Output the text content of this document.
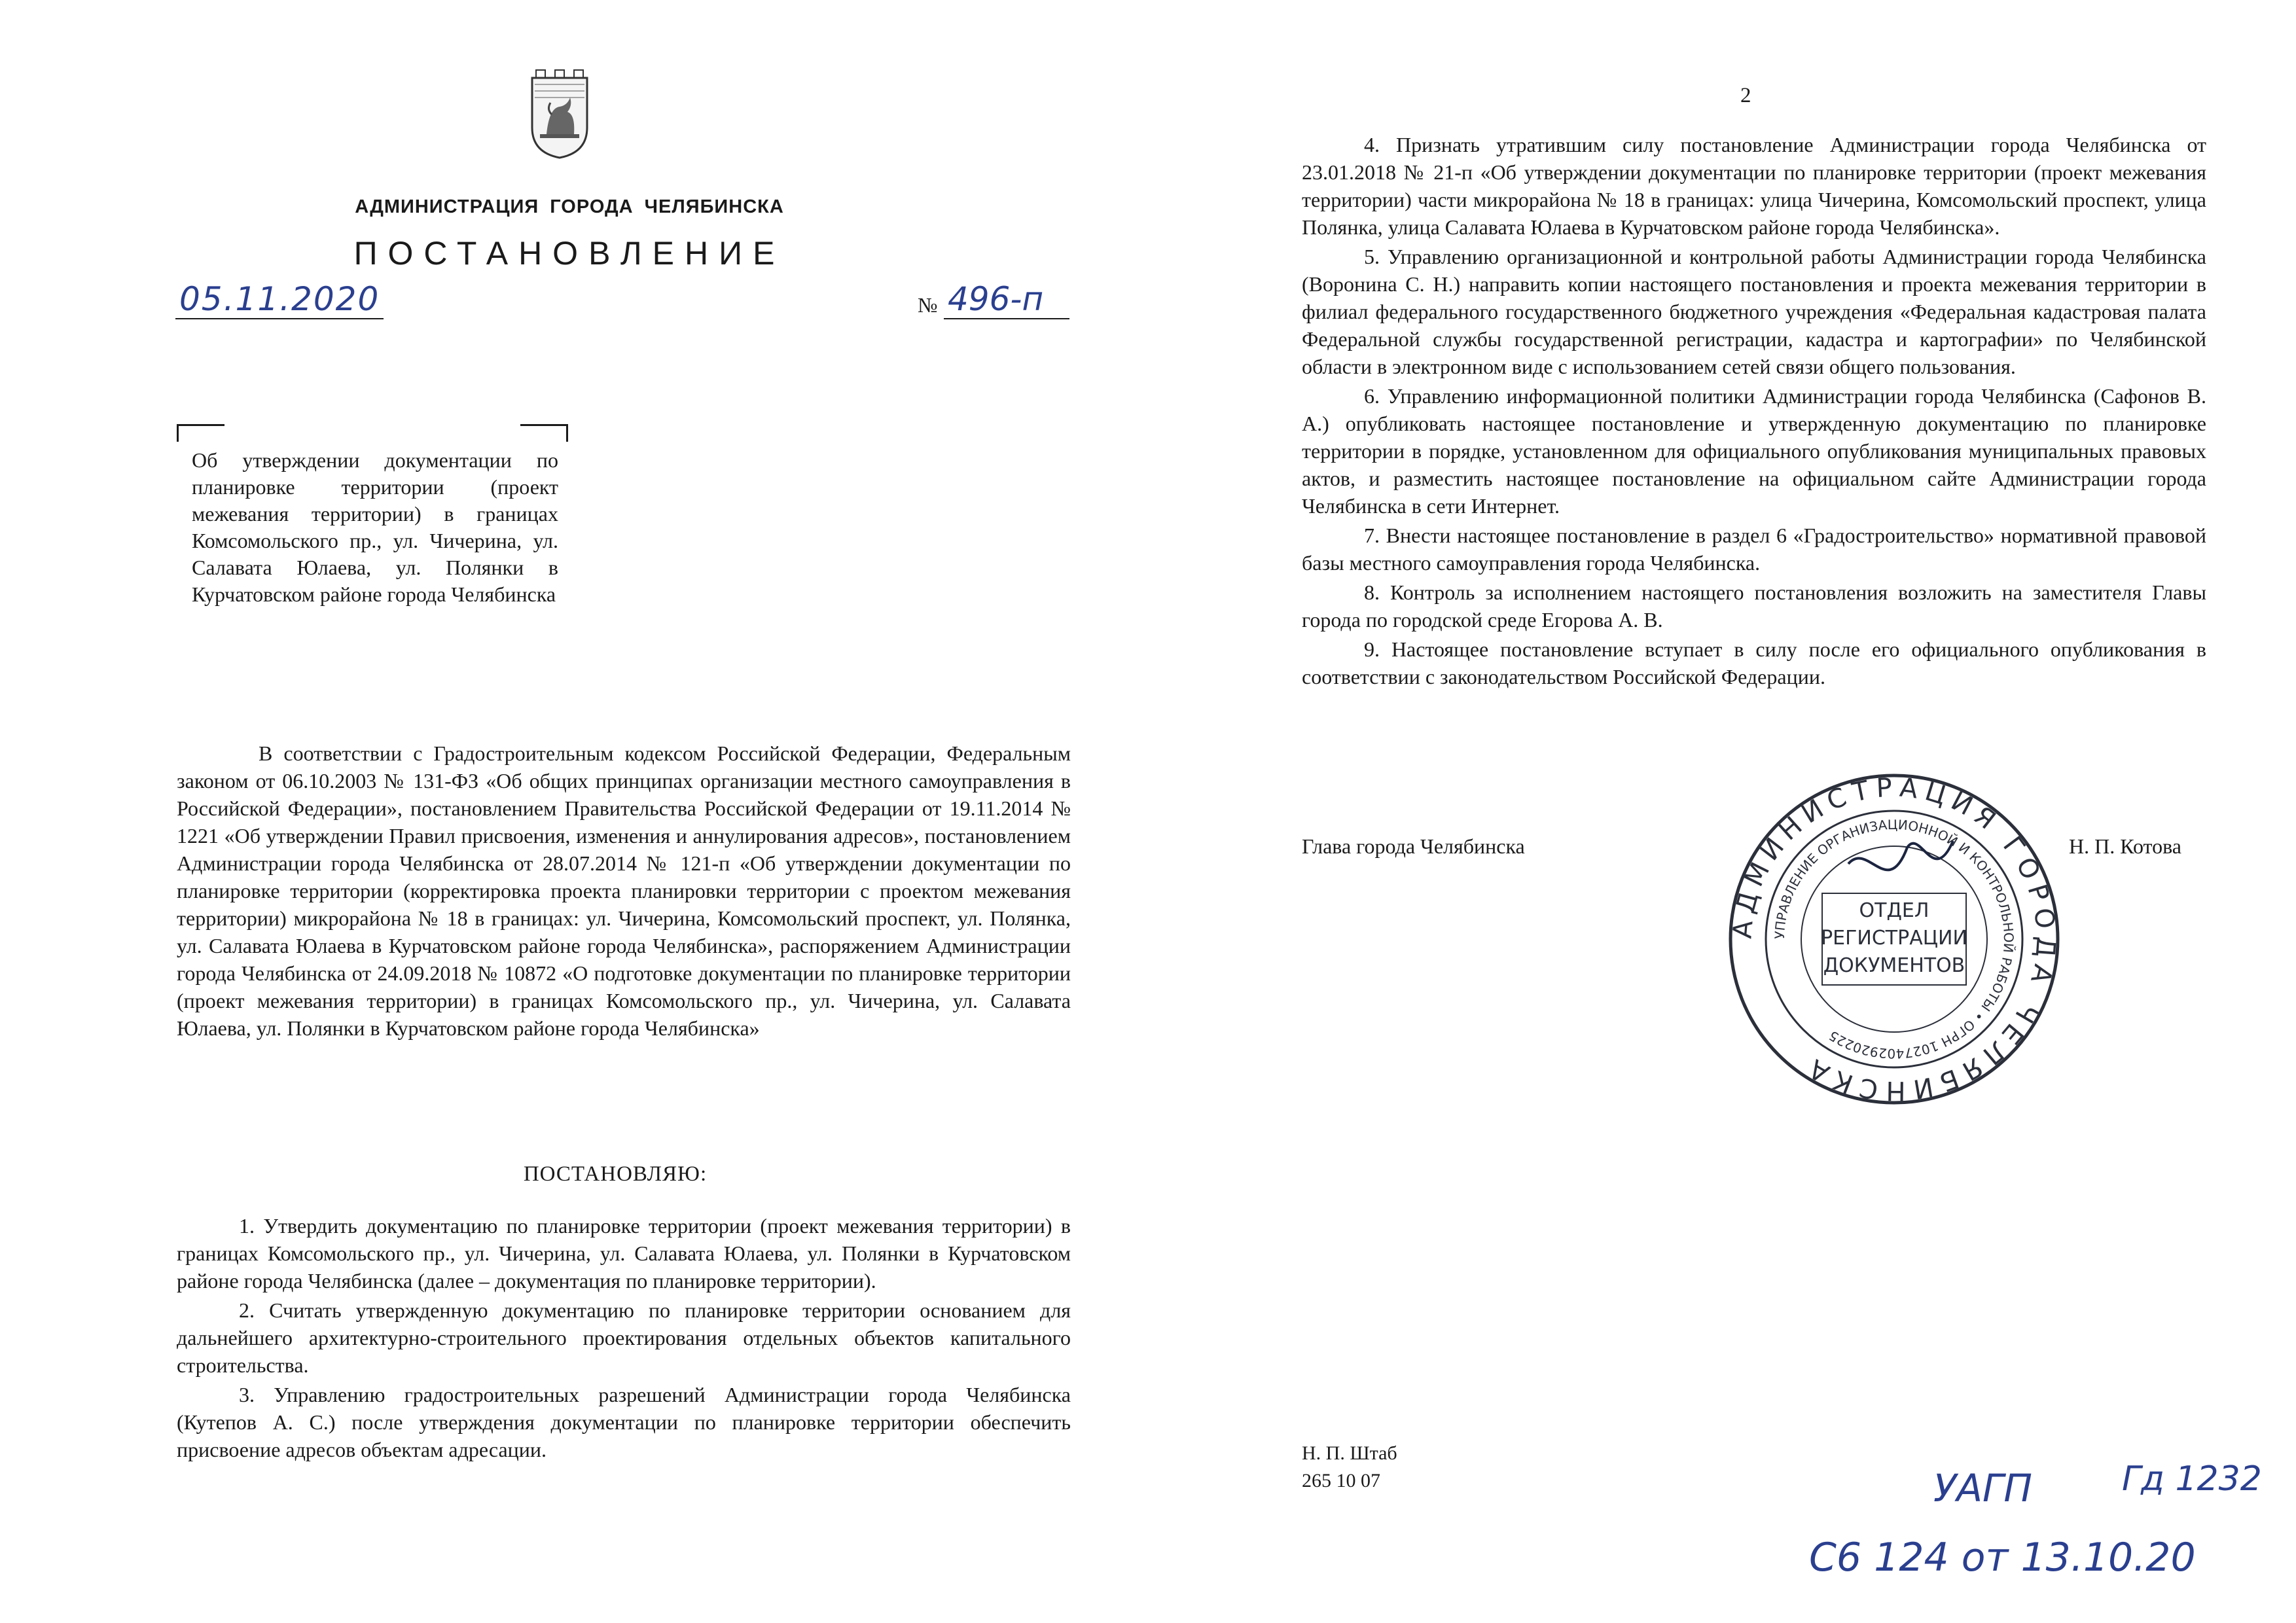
АДМИНИСТРАЦИЯ ГОРОДА ЧЕЛЯБИНСКА
ПОСТАНОВЛЕНИЕ
05.11.2020	№ 496-п
Об утверждении документации по планировке территории (проект межевания территории) в границах Комсомольского пр., ул. Чичерина, ул. Салавата Юлаева, ул. Полянки в Курчатовском районе города Челябинска

В соответствии с Градостроительным кодексом Российской Федерации, Федеральным законом от 06.10.2003 № 131-ФЗ «Об общих принципах организации местного самоуправления в Российской Федерации», постановлением Правительства Российской Федерации от 19.11.2014 № 1221 «Об утверждении Правил присвоения, изменения и аннулирования адресов», постановлением Администрации города Челябинска от 28.07.2014 № 121-п «Об утверждении документации по планировке территории (корректировка проекта планировки территории с проектом межевания территории) микрорайона № 18 в границах: ул. Чичерина, Комсомольский проспект, ул. Полянка, ул. Салавата Юлаева в Курчатовском районе города Челябинска», распоряжением Администрации города Челябинска от 24.09.2018 № 10872 «О подготовке документации по планировке территории (проект межевания территории) в границах Комсомольского пр., ул. Чичерина, ул. Салавата Юлаева, ул. Полянки в Курчатовском районе города Челябинска»

ПОСТАНОВЛЯЮ:

1. Утвердить документацию по планировке территории (проект межевания территории) в границах Комсомольского пр., ул. Чичерина, ул. Салавата Юлаева, ул. Полянки в Курчатовском районе города Челябинска (далее – документация по планировке территории).

2. Считать утвержденную документацию по планировке территории основанием для дальнейшего архитектурно-строительного проектирования отдельных объектов капитального строительства.

3. Управлению градостроительных разрешений Администрации города Челябинска (Кутепов А. С.) после утверждения документации по планировке территории обеспечить присвоение адресов объектам адресации.

2

4. Признать утратившим силу постановление Администрации города Челябинска от 23.01.2018 № 21-п «Об утверждении документации по планировке территории (проект межевания территории) части микрорайона № 18 в границах: улица Чичерина, Комсомольский проспект, улица Полянка, улица Салавата Юлаева в Курчатовском районе города Челябинска».

5. Управлению организационной и контрольной работы Администрации города Челябинска (Воронина С. Н.) направить копии настоящего постановления и проекта межевания территории в филиал федерального государственного бюджетного учреждения «Федеральная кадастровая палата Федеральной службы государственной регистрации, кадастра и картографии» по Челябинской области в электронном виде с использованием сетей связи общего пользования.

6. Управлению информационной политики Администрации города Челябинска (Сафонов В. А.) опубликовать настоящее постановление и утвержденную документацию по планировке территории в порядке, установленном для официального опубликования муниципальных правовых актов, и разместить настоящее постановление на официальном сайте Администрации города Челябинска в сети Интернет.

7. Внести настоящее постановление в раздел 6 «Градостроительство» нормативной правовой базы местного самоуправления города Челябинска.

8. Контроль за исполнением настоящего постановления возложить на заместителя Главы города по городской среде Егорова А. В.

9. Настоящее постановление вступает в силу после его официального опубликования в соответствии с законодательством Российской Федерации.

Глава города Челябинска	Н. П. Котова
АДМИНИСТРАЦИЯ ГОРОДА ЧЕЛЯБИНСКА
УПРАВЛЕНИЕ ОРГАНИЗАЦИОННОЙ И КОНТРОЛЬНОЙ РАБОТЫ • ОГРН 1027402920225
ОТДЕЛ
РЕГИСТРАЦИИ
ДОКУМЕНТОВ
Н. П. Штаб
265 10 07	УАГП	Гд 1232
С6 124 от 13.10.20
